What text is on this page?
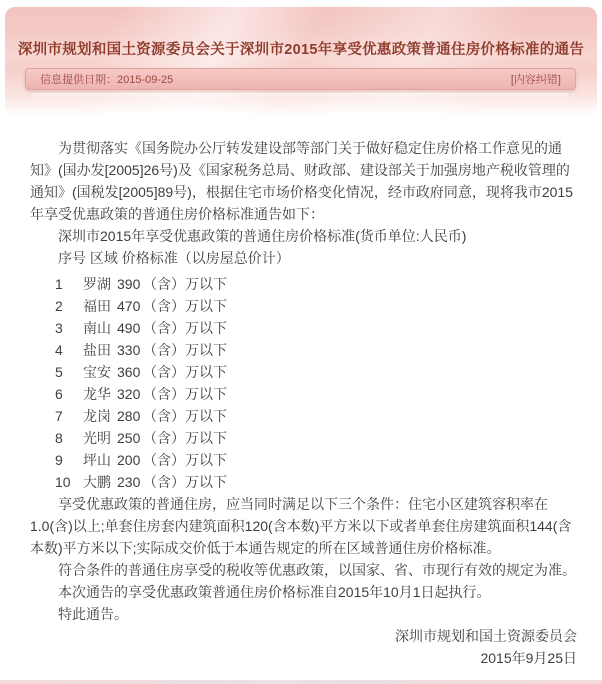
深圳市规划和国土资源委员会关于深圳市2015年享受优惠政策普通住房价格标准的通告
信息提供日期：2015-09-25	[内容纠错]

为贯彻落实《国务院办公厅转发建设部等部门关于做好稳定住房价格工作意见的通知》(国办发[2005]26号)及《国家税务总局、财政部、建设部关于加强房地产税收管理的通知》(国税发[2005]89号)，根据住宅市场价格变化情况，经市政府同意，现将我市2015年享受优惠政策的普通住房价格标准通告如下：

深圳市2015年享受优惠政策的普通住房价格标准(货币单位:人民币)

序号 区域 价格标准（以房屋总价计）

1 罗湖 390 （含）万以下
2 福田 470 （含）万以下
3 南山 490 （含）万以下
4 盐田 330 （含）万以下
5 宝安 360 （含）万以下
6 龙华 320 （含）万以下
7 龙岗 280 （含）万以下
8 光明 250 （含）万以下
9 坪山 200 （含）万以下
10 大鹏 230 （含）万以下

享受优惠政策的普通住房，应当同时满足以下三个条件：住宅小区建筑容积率在1.0(含)以上;单套住房套内建筑面积120(含本数)平方米以下或者单套住房建筑面积144(含本数)平方米以下;实际成交价低于本通告规定的所在区域普通住房价格标准。

符合条件的普通住房享受的税收等优惠政策，以国家、省、市现行有效的规定为准。

本次通告的享受优惠政策普通住房价格标准自2015年10月1日起执行。

特此通告。

深圳市规划和国土资源委员会

2015年9月25日
